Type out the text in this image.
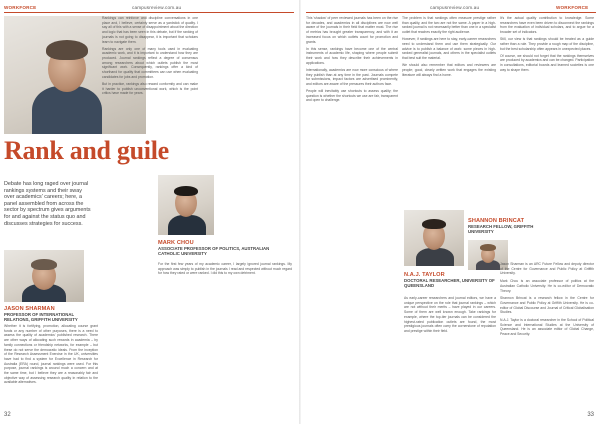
WORKFORCE	campusreview.com.au
Rank and guile

Debate has long raged over journal rankings systems and their sway over academics' careers; here, a panel assembled from across the sector by spectrum gives arguments for and against the status quo and discusses strategies for success.

JASON SHARMAN
PROFESSOR OF INTERNATIONAL RELATIONS, GRIFFITH UNIVERSITY
Whether it is fortifying, promotion, allocating course grant funds or any number of other purposes, there is a need to assess the quality of academics' published research. There are other ways of allocating such rewards in academia – by family connections or friendship networks, for example – but these do not serve the democratic ideals. From the inception of the Research Assessment Exercise in the UK, universities have had to find a system for Excellence in Research for Australia (ERA) round, journal rankings were used. For this purpose, journal rankings is around much a concern and at the same time, but I believe they are a reasonably fair and objective way of assessing research quality in relation to the available alternatives.

Rankings can reinforce and discipline conversations in one place and, I believe, certainly serve as a yardstick of quality. I say all of this with a sense of disappointment about the direction and logic that has been seen in this debate, but if the ranking of journals is not going to disappear, it is important that scholars learn to navigate them.

Rankings are only one of many tools used in evaluating academic work, and it is important to understand how they are produced. Journal rankings reflect a degree of consensus among researchers about which outlets publish the most significant work. Consequently, rankings offer a kind of shorthand for quality that committees can use when evaluating candidates for jobs and promotion.

But in practice, rankings also reward conformity and can make it harder to publish unconventional work, which is the point critics have made for years.

MARK CHOU
ASSOCIATE PROFESSOR OF POLITICS, AUSTRALIAN CATHOLIC UNIVERSITY
For the first few years of my academic career, I largely ignored journal rankings. My approach was simply to publish in the journals I read and respected without much regard for how they rated or were ranked. I did this to my own detriment.
32
campusreview.com.au	WORKFORCE

This 'shadow' of peer reviewed journals has been on the rise for decades, and academics in all disciplines are now well aware of the journals in their field that matter most. The rise of metrics has brought greater transparency, and with it an increased focus on which outlets count for promotion and grants.

In this sense, rankings have become one of the central instruments of academic life, shaping where people submit their work and how they describe their achievements in applications.

Internationally, academics are now more conscious of where they publish than at any time in the past. Journals compete for submissions, impact factors are advertised prominently, and editors are aware of the pressures their authors face.

People will inevitably use shortcuts to assess quality; the question is whether the shortcuts we use are fair, transparent and open to challenge.

The problem is that rankings often measure prestige rather than quality, and the two are not the same. A paper in a high-ranked journal is not necessarily better than one in a specialist outlet that reaches exactly the right audience.

However, if rankings are here to stay, early-career researchers need to understand them and use them strategically. Our advice is to publish a balance of work: some pieces in high-ranked generalist journals, and others in the specialist outlets that best suit the material.

We should also remember that editors and reviewers are people; good, clearly written work that engages the existing literature will always find a home.

SHANNON BRINCAT
RESEARCH FELLOW, GRIFFITH UNIVERSITY
N.A.J. TAYLOR
DOCTORAL RESEARCHER, UNIVERSITY OF QUEENSLAND
As early-career researchers and journal editors, we have a unique perspective on the role that journal rankings – which are not without their merits – have played in our careers. Some of them are well known enough. Take rankings for example, where the top-tier journals can be considered the highest-rated publication outlets are found, the most prestigious journals often carry the cornerstone of reputation and prestige within their field.

It's the actual quality contribution to knowledge. Some researchers have even been driven to disconnect the rankings from the evaluation of individual scholars, and to argue for a broader set of indicators.

Still, our view is that rankings should be treated as a guide rather than a rule. They provide a rough map of the discipline, but the best scholarship often appears in unexpected places.

Of course, we should not forget that the rankings themselves are produced by academics and can be changed. Participation in consultations, editorial boards and learned societies is one way to shape them.

Jason Sharman is an ARC Future Fellow and deputy director of the Centre for Governance and Public Policy at Griffith University.

Mark Chou is an associate professor of politics at the Australian Catholic University. He is co-editor of Democratic Theory.

Shannon Brincat is a research fellow in the Centre for Governance and Public Policy at Griffith University. He is co-editor of Global Discourse and Journal of Critical Globalisation Studies.

N.A.J. Taylor is a doctoral researcher in the School of Political Science and International Studies at the University of Queensland. He is an associate editor of Global Change, Peace and Security.

33
